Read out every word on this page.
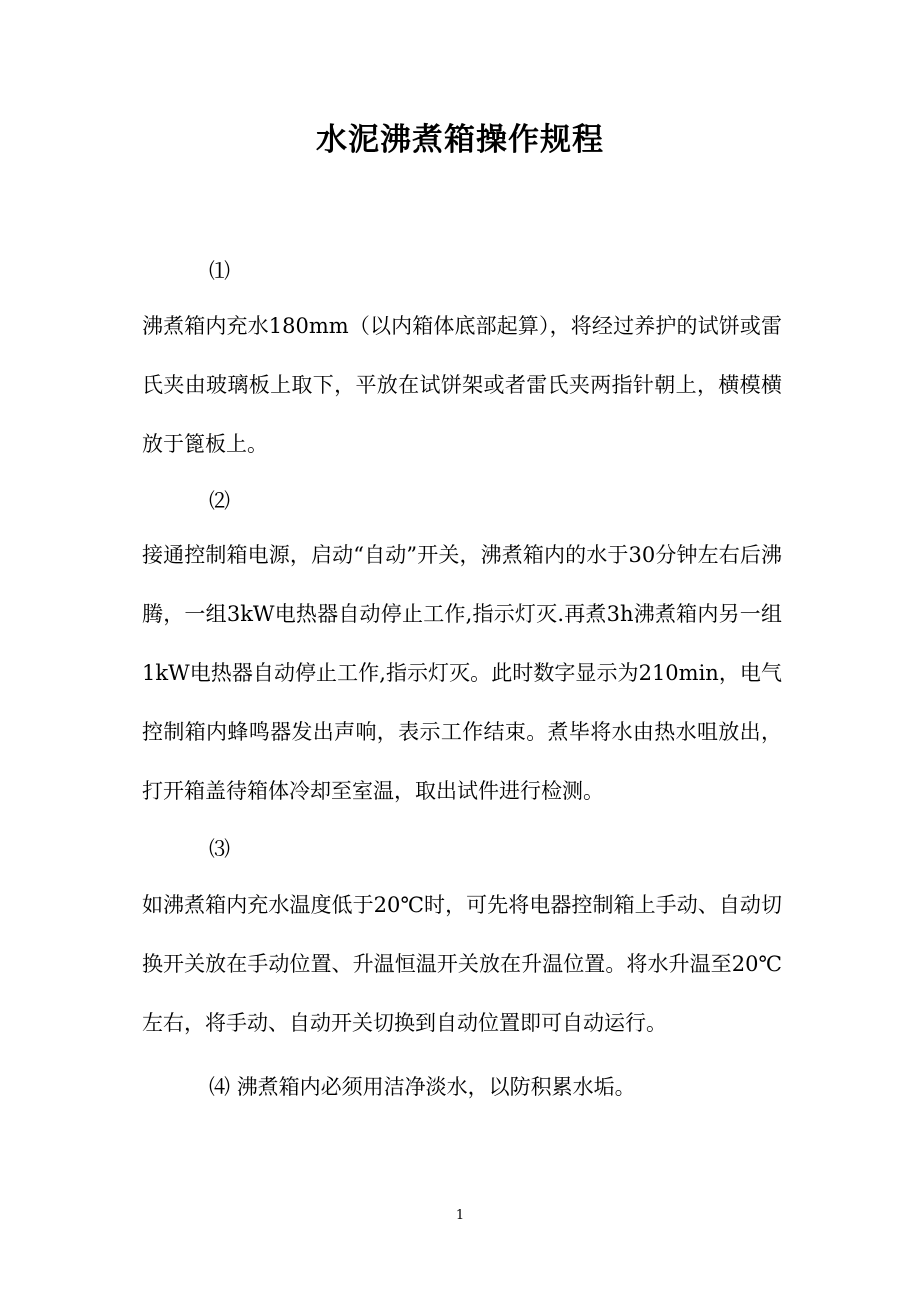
水泥沸煮箱操作规程
⑴
沸煮箱内充水180mm（以内箱体底部起算），将经过养护的试饼或雷氏夹由玻璃板上取下，平放在试饼架或者雷氏夹两指针朝上，横模横放于篦板上。
⑵
接通控制箱电源，启动“自动”开关，沸煮箱内的水于30分钟左右后沸腾，一组3kW电热器自动停止工作,指示灯灭.再煮3h沸煮箱内另一组1kW电热器自动停止工作,指示灯灭。此时数字显示为210min，电气控制箱内蜂鸣器发出声响，表示工作结束。煮毕将水由热水咀放出，打开箱盖待箱体冷却至室温，取出试件进行检测。
⑶
如沸煮箱内充水温度低于20℃时，可先将电器控制箱上手动、自动切换开关放在手动位置、升温恒温开关放在升温位置。将水升温至20℃左右，将手动、自动开关切换到自动位置即可自动运行。
⑷ 沸煮箱内必须用洁净淡水，以防积累水垢。
1
